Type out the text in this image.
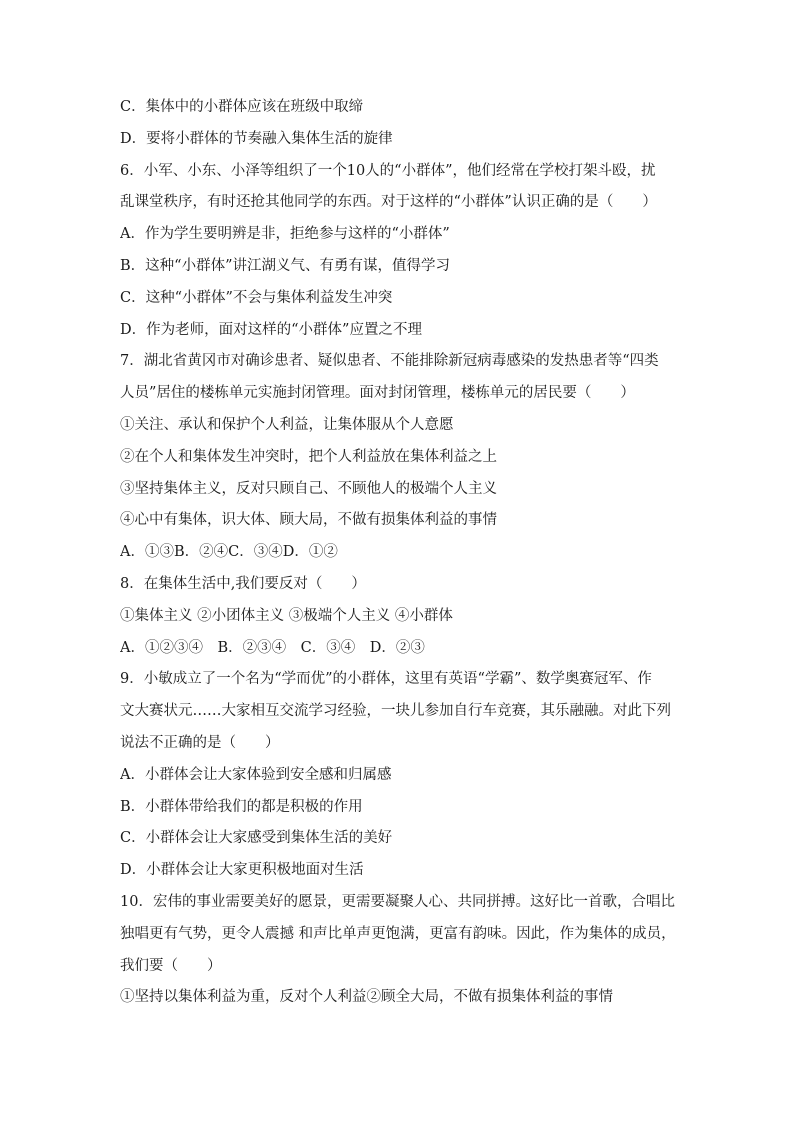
C．集体中的小群体应该在班级中取缔
D．要将小群体的节奏融入集体生活的旋律
6．小军、小东、小泽等组织了一个10人的“小群体”，他们经常在学校打架斗殴，扰
乱课堂秩序，有时还抢其他同学的东西。对于这样的“小群体”认识正确的是（　　）
A．作为学生要明辨是非，拒绝参与这样的“小群体”
B．这种“小群体”讲江湖义气、有勇有谋，值得学习
C．这种“小群体”不会与集体利益发生冲突
D．作为老师，面对这样的“小群体”应置之不理
7．湖北省黄冈市对确诊患者、疑似患者、不能排除新冠病毒感染的发热患者等“四类
人员”居住的楼栋单元实施封闭管理。面对封闭管理，楼栋单元的居民要（　　）
①关注、承认和保护个人利益，让集体服从个人意愿
②在个人和集体发生冲突时，把个人利益放在集体利益之上
③坚持集体主义，反对只顾自己、不顾他人的极端个人主义
④心中有集体，识大体、顾大局，不做有损集体利益的事情
A．①③B．②④C．③④D．①②
8．在集体生活中,我们要反对（　　）
①集体主义 ②小团体主义 ③极端个人主义 ④小群体
A．①②③④　B．②③④　C．③④　D．②③
9．小敏成立了一个名为“学而优”的小群体，这里有英语“学霸”、数学奥赛冠军、作
文大赛状元……大家相互交流学习经验，一块儿参加自行车竞赛，其乐融融。对此下列
说法不正确的是（　　）
A．小群体会让大家体验到安全感和归属感
B．小群体带给我们的都是积极的作用
C．小群体会让大家感受到集体生活的美好
D．小群体会让大家更积极地面对生活
10．宏伟的事业需要美好的愿景，更需要凝聚人心、共同拼搏。这好比一首歌，合唱比
独唱更有气势，更令人震撼 和声比单声更饱满，更富有韵味。因此，作为集体的成员，
我们要（　　）
①坚持以集体利益为重，反对个人利益②顾全大局，不做有损集体利益的事情
